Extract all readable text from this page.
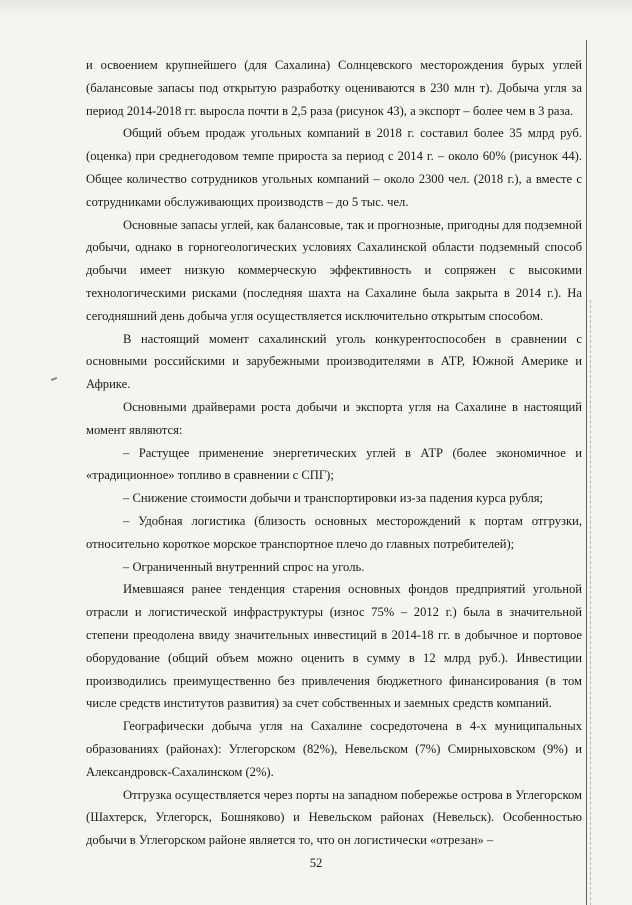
и освоением крупнейшего (для Сахалина) Солнцевского месторождения бурых углей (балансовые запасы под открытую разработку оцениваются в 230 млн т). Добыча угля за период 2014-2018 гг. выросла почти в 2,5 раза (рисунок 43), а экспорт – более чем в 3 раза.

Общий объем продаж угольных компаний в 2018 г. составил более 35 млрд руб. (оценка) при среднегодовом темпе прироста за период с 2014 г. – около 60% (рисунок 44). Общее количество сотрудников угольных компаний – около 2300 чел. (2018 г.), а вместе с сотрудниками обслуживающих производств – до 5 тыс. чел.

Основные запасы углей, как балансовые, так и прогнозные, пригодны для подземной добычи, однако в горногеологических условиях Сахалинской области подземный способ добычи имеет низкую коммерческую эффективность и сопряжен с высокими технологическими рисками (последняя шахта на Сахалине была закрыта в 2014 г.). На сегодняшний день добыча угля осуществляется исключительно открытым способом.

В настоящий момент сахалинский уголь конкурентоспособен в сравнении с основными российскими и зарубежными производителями в АТР, Южной Америке и Африке.

Основными драйверами роста добычи и экспорта угля на Сахалине в настоящий момент являются:

– Растущее применение энергетических углей в АТР (более экономичное и «традиционное» топливо в сравнении с СПГ);

– Снижение стоимости добычи и транспортировки из-за падения курса рубля;

– Удобная логистика (близость основных месторождений к портам отгрузки, относительно короткое морское транспортное плечо до главных потребителей);

– Ограниченный внутренний спрос на уголь.

Имевшаяся ранее тенденция старения основных фондов предприятий угольной отрасли и логистической инфраструктуры (износ 75% – 2012 г.) была в значительной степени преодолена ввиду значительных инвестиций в 2014-18 гг. в добычное и портовое оборудование (общий объем можно оценить в сумму в 12 млрд руб.). Инвестиции производились преимущественно без привлечения бюджетного финансирования (в том числе средств институтов развития) за счет собственных и заемных средств компаний.

Географически добыча угля на Сахалине сосредоточена в 4-х муниципальных образованиях (районах): Углегорском (82%), Невельском (7%) Смирныховском (9%) и Александровск-Сахалинском (2%).

Отгрузка осуществляется через порты на западном побережье острова в Углегорском (Шахтерск, Углегорск, Бошняково) и Невельском районах (Невельск). Особенностью добычи в Углегорском районе является то, что он логистически «отрезан» –

52
